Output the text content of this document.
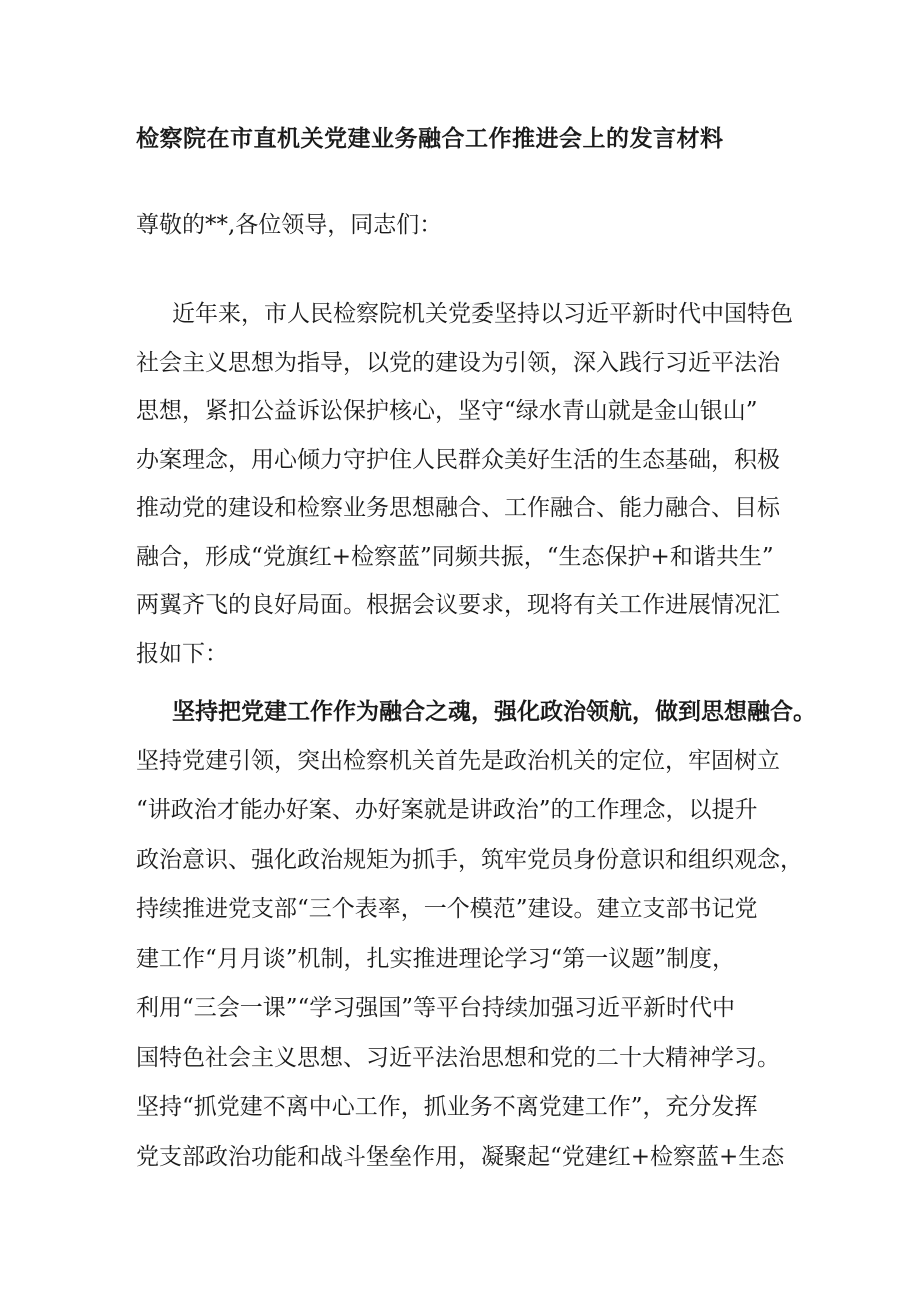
检察院在市直机关党建业务融合工作推进会上的发言材料
尊敬的**,各位领导，同志们：
近年来，市人民检察院机关党委坚持以习近平新时代中国特色
社会主义思想为指导，以党的建设为引领，深入践行习近平法治
思想，紧扣公益诉讼保护核心，坚守“绿水青山就是金山银山”
办案理念，用心倾力守护住人民群众美好生活的生态基础，积极
推动党的建设和检察业务思想融合、工作融合、能力融合、目标
融合，形成“党旗红+检察蓝”同频共振，“生态保护+和谐共生”
两翼齐飞的良好局面。根据会议要求，现将有关工作进展情况汇
报如下：
坚持把党建工作作为融合之魂，强化政治领航，做到思想融合。
坚持党建引领，突出检察机关首先是政治机关的定位，牢固树立
“讲政治才能办好案、办好案就是讲政治”的工作理念，以提升
政治意识、强化政治规矩为抓手，筑牢党员身份意识和组织观念，
持续推进党支部“三个表率，一个模范”建设。建立支部书记党
建工作“月月谈”机制，扎实推进理论学习“第一议题”制度，
利用“三会一课”“学习强国”等平台持续加强习近平新时代中
国特色社会主义思想、习近平法治思想和党的二十大精神学习。
坚持“抓党建不离中心工作，抓业务不离党建工作”，充分发挥
党支部政治功能和战斗堡垒作用，凝聚起“党建红+检察蓝+生态
